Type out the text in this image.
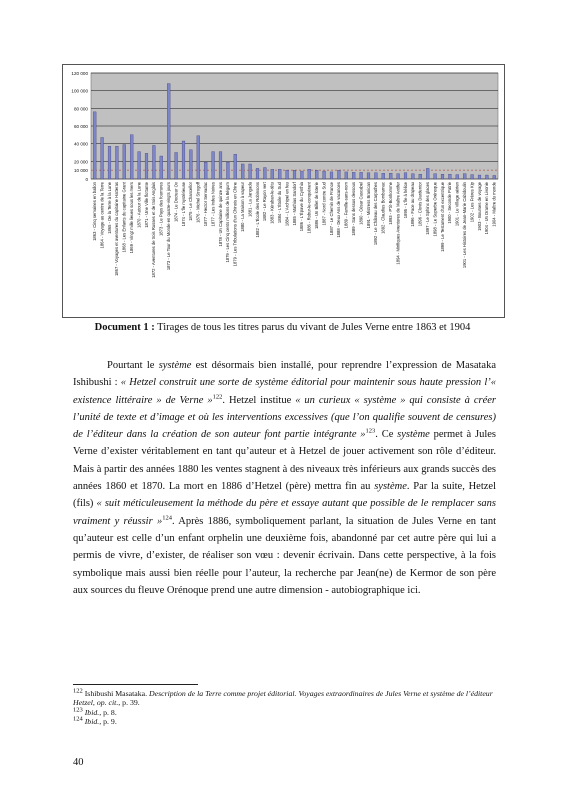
120 000
100 000
80 000
60 000
40 000
20 000
10 000
0
1863 - Cinq semaines en ballon 1864 - Voyage au centre de la Terre 1865 - De la Terre à la Lune 1867 - Voyages et aventures du capitaine Hatteras 1868 - Les Enfants du capitaine Grant 1869 - Vingt mille lieues sous les mers 1870 - Autour de la Lune 1871 - Une Ville flottante 1872 - Aventures de trois Russes et de trois Anglais 1873 - Le Pays des fourrures 1873 - Le Tour du Monde en quatre-vingts jours 1874 - Le Docteur Ox 1874 - L'Île mystérieuse 1875 - Le Chancellor 1876 - Michel Strogoff 1877 - Hector Servadac 1877 - Les Indes Noires 1878 - Un Capitaine de quinze ans 1879 - Les Cinq cents millions de la Bégum 1879 - Les Tribulations d'un Chinois en Chine 1880 - La Maison à vapeur 1881 - La Jangada 1882 - L'École des Robinsons 1882 - Le Rayon vert 1883 - Kéraban-le-têtu 1884 - L'Étoile du Sud 1884 - L'Archipel en feu 1885 - Mathias Sandorf 1886 - L'Épave du Cynthia 1886 - Robur-le-conquérant 1886 - Un Billet de loterie 1887 - Nord contre Sud 1887 - Le Chemin de France 1888 - Deux Ans de vacances 1889 - Famille-sans-nom 1889 - Sans dessus dessous 1890 - César Cascabel 1891 - Mistress Branican 1892 - Le Château des Carpathes 1892 - Claudius Bombarnac 1893 - P'tit-Bonhomme 1894 - Mirifiques Aventures de Maître Antifer 1895 - L'Île à hélice 1896 - Face au drapeau 1896 - Clovis Dardentor 1897 - Le Sphinx des glaces 1898 - Le Superbe Orénoque 1899 - Le Testament d'un excentrique 1900 - Seconde Patrie 1901 - Le Village aérien 1901 - Les Histoires de Jean-Marie Cabidoulin 1902 - Les Frères Kip 1903 - Bourses de voyage 1904 - Un Drame en Livonie 1904 - Maître du monde
Document 1 : Tirages de tous les titres parus du vivant de Jules Verne entre 1863 et 1904

Pourtant le système est désormais bien installé, pour reprendre l’expression de Masataka Ishibushi : « Hetzel construit une sorte de système éditorial pour maintenir sous haute pression l’« existence littéraire » de Verne »$^{122}$. Hetzel institue « un curieux « système » qui consiste à créer l’unité de texte et d’image et où les interventions excessives (que l’on qualifie souvent de censures) de l’éditeur dans la création de son auteur font partie intégrante »$^{123}$. Ce système permet à Jules Verne d’exister véritablement en tant qu’auteur et à Hetzel de jouer activement son rôle d’éditeur. Mais à partir des années 1880 les ventes stagnent à des niveaux très inférieurs aux grands succès des années 1860 et 1870. La mort en 1886 d’Hetzel (père) mettra fin au système. Par la suite, Hetzel (fils) « suit méticuleusement la méthode du père et essaye autant que possible de le remplacer sans vraiment y réussir »$^{124}$. Après 1886, symboliquement parlant, la situation de Jules Verne en tant qu’auteur est celle d’un enfant orphelin une deuxième fois, abandonné par cet autre père qui lui a permis de vivre, d’exister, de réaliser son vœu : devenir écrivain. Dans cette perspective, à la fois symbolique mais aussi bien réelle pour l’auteur, la recherche par Jean(ne) de Kermor de son père aux sources du fleuve Orénoque prend une autre dimension - autobiographique ici.

$^{122}$ Ishibushi Masataka. Description de la Terre comme projet éditorial. Voyages extraordinaires de Jules Verne et système de l’éditeur Hetzel, op. cit., p. 39.
$^{123}$ Ibid., p. 8.
$^{124}$ Ibid., p. 9.
40
